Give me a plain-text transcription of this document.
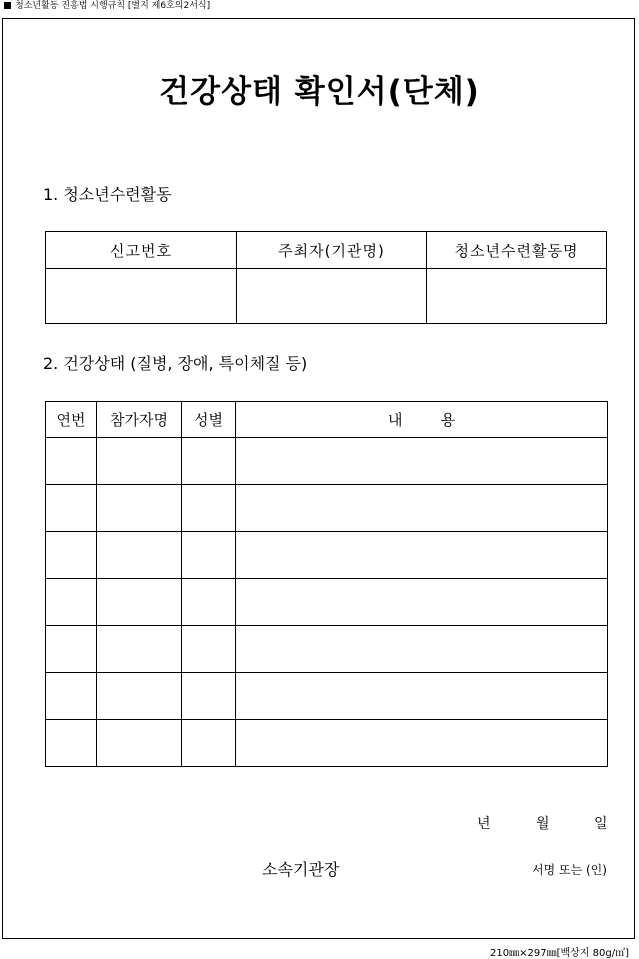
청소년활동 진흥법 시행규칙 [별지 제6호의2서식]
건강상태 확인서(단체)
1. 청소년수련활동
신고번호	주최자(기관명)	청소년수련활동명

2. 건강상태 (질병, 장애, 특이체질 등)
연번	참가자명	성별	내        용

년	월	일
소속기관장	서명 또는 (인)
210㎜×297㎜[백상지 80g/㎡]
